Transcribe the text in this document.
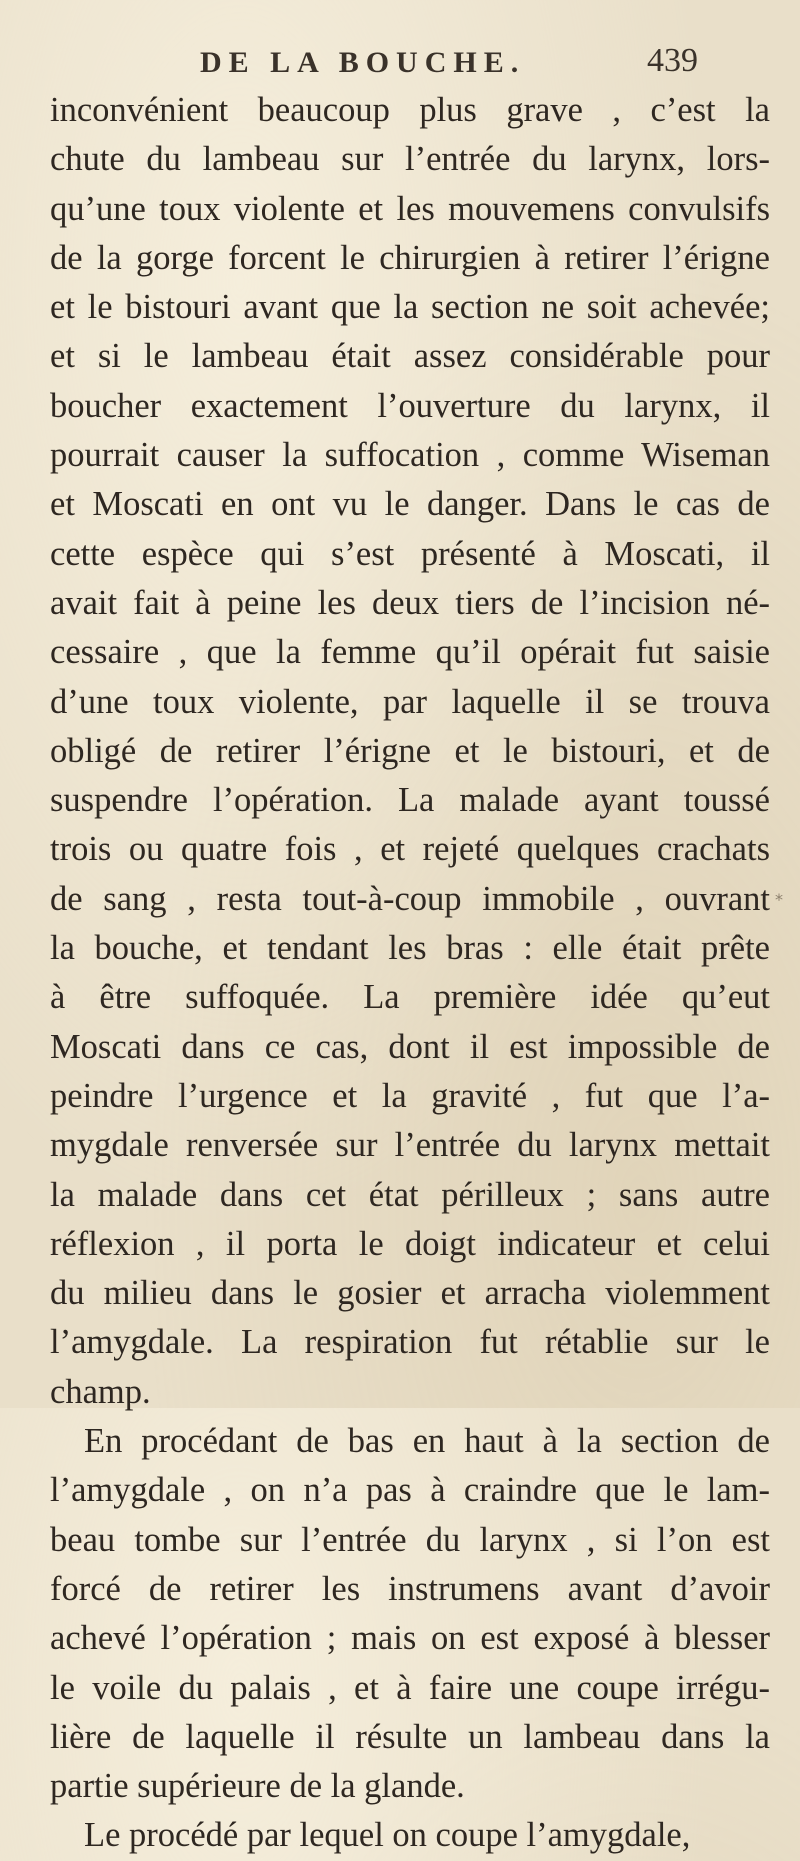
DE LA BOUCHE.	439
inconvénient beaucoup plus grave , c’est la
chute du lambeau sur l’entrée du larynx, lors-
qu’une toux violente et les mouvemens convulsifs
de la gorge forcent le chirurgien à retirer l’érigne
et le bistouri avant que la section ne soit achevée;
et si le lambeau était assez considérable pour
boucher exactement l’ouverture du larynx, il
pourrait causer la suffocation , comme Wiseman
et Moscati en ont vu le danger. Dans le cas de
cette espèce qui s’est présenté à Moscati, il
avait fait à peine les deux tiers de l’incision né-
cessaire , que la femme qu’il opérait fut saisie
d’une toux violente, par laquelle il se trouva
obligé de retirer l’érigne et le bistouri, et de
suspendre l’opération. La malade ayant toussé
trois ou quatre fois , et rejeté quelques crachats
de sang , resta tout-à-coup immobile , ouvrant
la bouche, et tendant les bras : elle était prête
à être suffoquée. La première idée qu’eut
Moscati dans ce cas, dont il est impossible de
peindre l’urgence et la gravité , fut que l’a-
mygdale renversée sur l’entrée du larynx mettait
la malade dans cet état périlleux ; sans autre
réflexion , il porta le doigt indicateur et celui
du milieu dans le gosier et arracha violemment
l’amygdale. La respiration fut rétablie sur le
champ.
En procédant de bas en haut à la section de
l’amygdale , on n’a pas à craindre que le lam-
beau tombe sur l’entrée du larynx , si l’on est
forcé de retirer les instrumens avant d’avoir
achevé l’opération ; mais on est exposé à blesser
le voile du palais , et à faire une coupe irrégu-
lière de laquelle il résulte un lambeau dans la
partie supérieure de la glande.
Le procédé par lequel on coupe l’amygdale,
*
